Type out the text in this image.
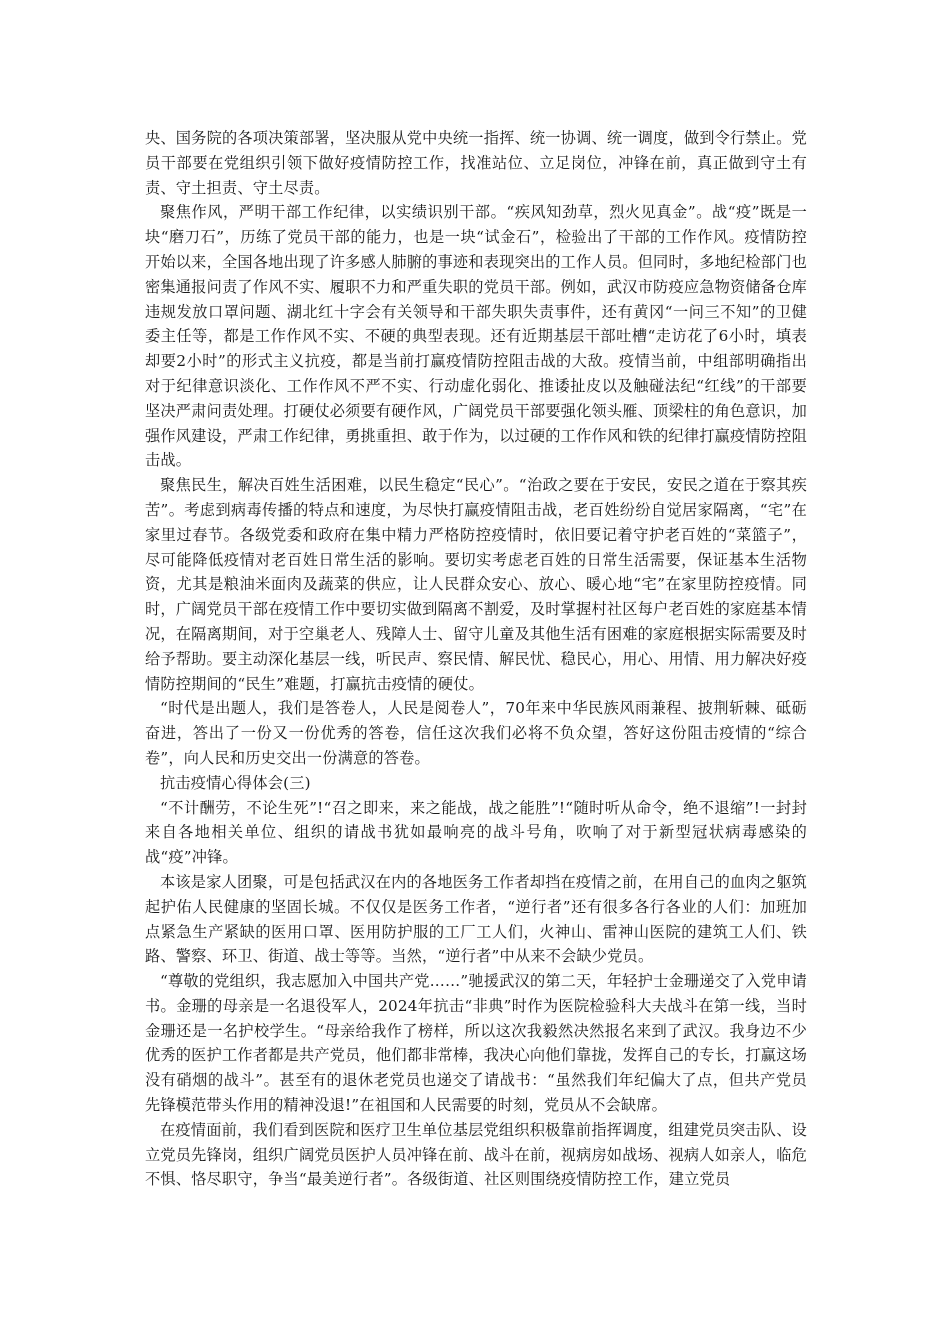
央、国务院的各项决策部署，坚决服从党中央统一指挥、统一协调、统一调度，做到令行禁止。党员干部要在党组织引领下做好疫情防控工作，找准站位、立足岗位，冲锋在前，真正做到守土有责、守土担责、守土尽责。

聚焦作风，严明干部工作纪律，以实绩识别干部。“疾风知劲草，烈火见真金”。战“疫”既是一块“磨刀石”，历练了党员干部的能力，也是一块“试金石”，检验出了干部的工作作风。疫情防控开始以来，全国各地出现了许多感人肺腑的事迹和表现突出的工作人员。但同时，多地纪检部门也密集通报问责了作风不实、履职不力和严重失职的党员干部。例如，武汉市防疫应急物资储备仓库违规发放口罩问题、湖北红十字会有关领导和干部失职失责事件，还有黄冈“一问三不知”的卫健委主任等，都是工作作风不实、不硬的典型表现。还有近期基层干部吐槽“走访花了6小时，填表却要2小时”的形式主义抗疫，都是当前打赢疫情防控阻击战的大敌。疫情当前，中组部明确指出对于纪律意识淡化、工作作风不严不实、行动虚化弱化、推诿扯皮以及触碰法纪“红线”的干部要坚决严肃问责处理。打硬仗必须要有硬作风，广阔党员干部要强化领头雁、顶梁柱的角色意识，加强作风建设，严肃工作纪律，勇挑重担、敢于作为，以过硬的工作作风和铁的纪律打赢疫情防控阻击战。

聚焦民生，解决百姓生活困难，以民生稳定“民心”。“治政之要在于安民，安民之道在于察其疾苦”。考虑到病毒传播的特点和速度，为尽快打赢疫情阻击战，老百姓纷纷自觉居家隔离，“宅”在家里过春节。各级党委和政府在集中精力严格防控疫情时，依旧要记着守护老百姓的“菜篮子”，尽可能降低疫情对老百姓日常生活的影响。要切实考虑老百姓的日常生活需要，保证基本生活物资，尤其是粮油米面肉及蔬菜的供应，让人民群众安心、放心、暖心地“宅”在家里防控疫情。同时，广阔党员干部在疫情工作中要切实做到隔离不割爱，及时掌握村社区每户老百姓的家庭基本情况，在隔离期间，对于空巢老人、残障人士、留守儿童及其他生活有困难的家庭根据实际需要及时给予帮助。要主动深化基层一线，听民声、察民情、解民忧、稳民心，用心、用情、用力解决好疫情防控期间的“民生”难题，打赢抗击疫情的硬仗。

“时代是出题人，我们是答卷人，人民是阅卷人”，70年来中华民族风雨兼程、披荆斩棘、砥砺奋进，答出了一份又一份优秀的答卷，信任这次我们必将不负众望，答好这份阻击疫情的“综合卷”，向人民和历史交出一份满意的答卷。

抗击疫情心得体会(三)

“不计酬劳，不论生死”!“召之即来，来之能战，战之能胜”!“随时听从命令，绝不退缩”!一封封来自各地相关单位、组织的请战书犹如最响亮的战斗号角，吹响了对于新型冠状病毒感染的战“疫”冲锋。

本该是家人团聚，可是包括武汉在内的各地医务工作者却挡在疫情之前，在用自己的血肉之躯筑起护佑人民健康的坚固长城。不仅仅是医务工作者，“逆行者”还有很多各行各业的人们：加班加点紧急生产紧缺的医用口罩、医用防护服的工厂工人们，火神山、雷神山医院的建筑工人们、铁路、警察、环卫、街道、战士等等。当然，“逆行者”中从来不会缺少党员。

“尊敬的党组织，我志愿加入中国共产党……”驰援武汉的第二天，年轻护士金珊递交了入党申请书。金珊的母亲是一名退役军人，2024年抗击“非典”时作为医院检验科大夫战斗在第一线，当时金珊还是一名护校学生。“母亲给我作了榜样，所以这次我毅然决然报名来到了武汉。我身边不少优秀的医护工作者都是共产党员，他们都非常棒，我决心向他们靠拢，发挥自己的专长，打赢这场没有硝烟的战斗”。甚至有的退休老党员也递交了请战书：“虽然我们年纪偏大了点，但共产党员先锋模范带头作用的精神没退!”在祖国和人民需要的时刻，党员从不会缺席。

在疫情面前，我们看到医院和医疗卫生单位基层党组织积极靠前指挥调度，组建党员突击队、设立党员先锋岗，组织广阔党员医护人员冲锋在前、战斗在前，视病房如战场、视病人如亲人，临危不惧、恪尽职守，争当“最美逆行者”。各级街道、社区则围绕疫情防控工作，建立党员
